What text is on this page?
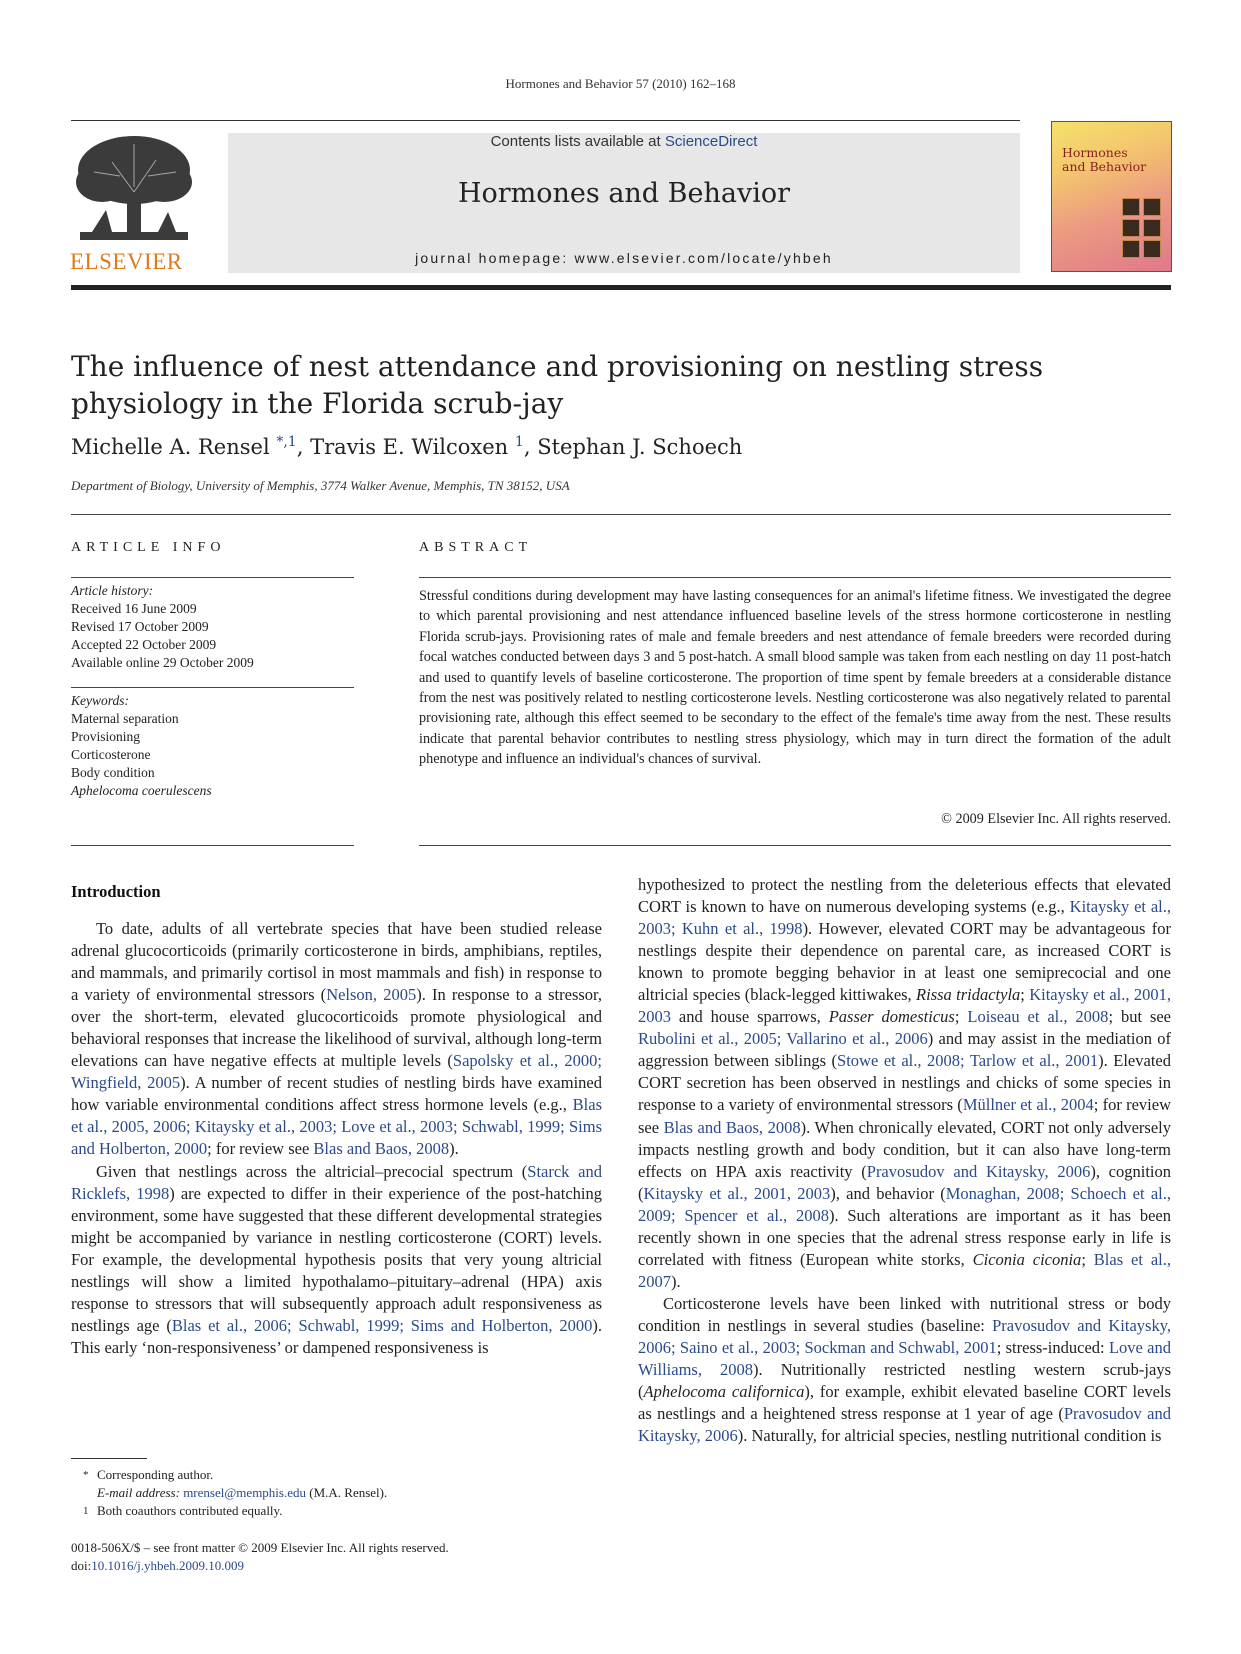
Hormones and Behavior 57 (2010) 162–168
ELSEVIER
Contents lists available at ScienceDirect
Hormones and Behavior
journal homepage: www.elsevier.com/locate/yhbeh
Hormones
and Behavior
The influence of nest attendance and provisioning on nestling stress physiology in the Florida scrub-jay
Michelle A. Rensel $^{*,1}$, Travis E. Wilcoxen $^1$, Stephan J. Schoech
Department of Biology, University of Memphis, 3774 Walker Avenue, Memphis, TN 38152, USA
ARTICLE INFO
Article history:
Received 16 June 2009
Revised 17 October 2009
Accepted 22 October 2009
Available online 29 October 2009
Keywords:
Maternal separation
Provisioning
Corticosterone
Body condition
Aphelocoma coerulescens
ABSTRACT
Stressful conditions during development may have lasting consequences for an animal's lifetime fitness. We investigated the degree to which parental provisioning and nest attendance influenced baseline levels of the stress hormone corticosterone in nestling Florida scrub-jays. Provisioning rates of male and female breeders and nest attendance of female breeders were recorded during focal watches conducted between days 3 and 5 post-hatch. A small blood sample was taken from each nestling on day 11 post-hatch and used to quantify levels of baseline corticosterone. The proportion of time spent by female breeders at a considerable distance from the nest was positively related to nestling corticosterone levels. Nestling corticosterone was also negatively related to parental provisioning rate, although this effect seemed to be secondary to the effect of the female's time away from the nest. These results indicate that parental behavior contributes to nestling stress physiology, which may in turn direct the formation of the adult phenotype and influence an individual's chances of survival.
© 2009 Elsevier Inc. All rights reserved.
Introduction

To date, adults of all vertebrate species that have been studied release adrenal glucocorticoids (primarily corticosterone in birds, amphibians, reptiles, and mammals, and primarily cortisol in most mammals and fish) in response to a variety of environmental stressors (Nelson, 2005). In response to a stressor, over the short-term, elevated glucocorticoids promote physiological and behavioral responses that increase the likelihood of survival, although long-term elevations can have negative effects at multiple levels (Sapolsky et al., 2000; Wingfield, 2005). A number of recent studies of nestling birds have examined how variable environmental conditions affect stress hormone levels (e.g., Blas et al., 2005, 2006; Kitaysky et al., 2003; Love et al., 2003; Schwabl, 1999; Sims and Holberton, 2000; for review see Blas and Baos, 2008).

Given that nestlings across the altricial–precocial spectrum (Starck and Ricklefs, 1998) are expected to differ in their experience of the post-hatching environment, some have suggested that these different developmental strategies might be accompanied by variance in nestling corticosterone (CORT) levels. For example, the developmental hypothesis posits that very young altricial nestlings will show a limited hypothalamo–pituitary–adrenal (HPA) axis response to stressors that will subsequently approach adult responsiveness as nestlings age (Blas et al., 2006; Schwabl, 1999; Sims and Holberton, 2000). This early ‘non-responsiveness’ or dampened responsiveness is

hypothesized to protect the nestling from the deleterious effects that elevated CORT is known to have on numerous developing systems (e.g., Kitaysky et al., 2003; Kuhn et al., 1998). However, elevated CORT may be advantageous for nestlings despite their dependence on parental care, as increased CORT is known to promote begging behavior in at least one semiprecocial and one altricial species (black-legged kittiwakes, Rissa tridactyla; Kitaysky et al., 2001, 2003 and house sparrows, Passer domesticus; Loiseau et al., 2008; but see Rubolini et al., 2005; Vallarino et al., 2006) and may assist in the mediation of aggression between siblings (Stowe et al., 2008; Tarlow et al., 2001). Elevated CORT secretion has been observed in nestlings and chicks of some species in response to a variety of environmental stressors (Müllner et al., 2004; for review see Blas and Baos, 2008). When chronically elevated, CORT not only adversely impacts nestling growth and body condition, but it can also have long-term effects on HPA axis reactivity (Pravosudov and Kitaysky, 2006), cognition (Kitaysky et al., 2001, 2003), and behavior (Monaghan, 2008; Schoech et al., 2009; Spencer et al., 2008). Such alterations are important as it has been recently shown in one species that the adrenal stress response early in life is correlated with fitness (European white storks, Ciconia ciconia; Blas et al., 2007).

Corticosterone levels have been linked with nutritional stress or body condition in nestlings in several studies (baseline: Pravosudov and Kitaysky, 2006; Saino et al., 2003; Sockman and Schwabl, 2001; stress-induced: Love and Williams, 2008). Nutritionally restricted nestling western scrub-jays (Aphelocoma californica), for example, exhibit elevated baseline CORT levels as nestlings and a heightened stress response at 1 year of age (Pravosudov and Kitaysky, 2006). Naturally, for altricial species, nestling nutritional condition is

* Corresponding author.
E-mail address: mrensel@memphis.edu (M.A. Rensel).
1 Both coauthors contributed equally.
0018-506X/$ – see front matter © 2009 Elsevier Inc. All rights reserved.
doi:10.1016/j.yhbeh.2009.10.009
